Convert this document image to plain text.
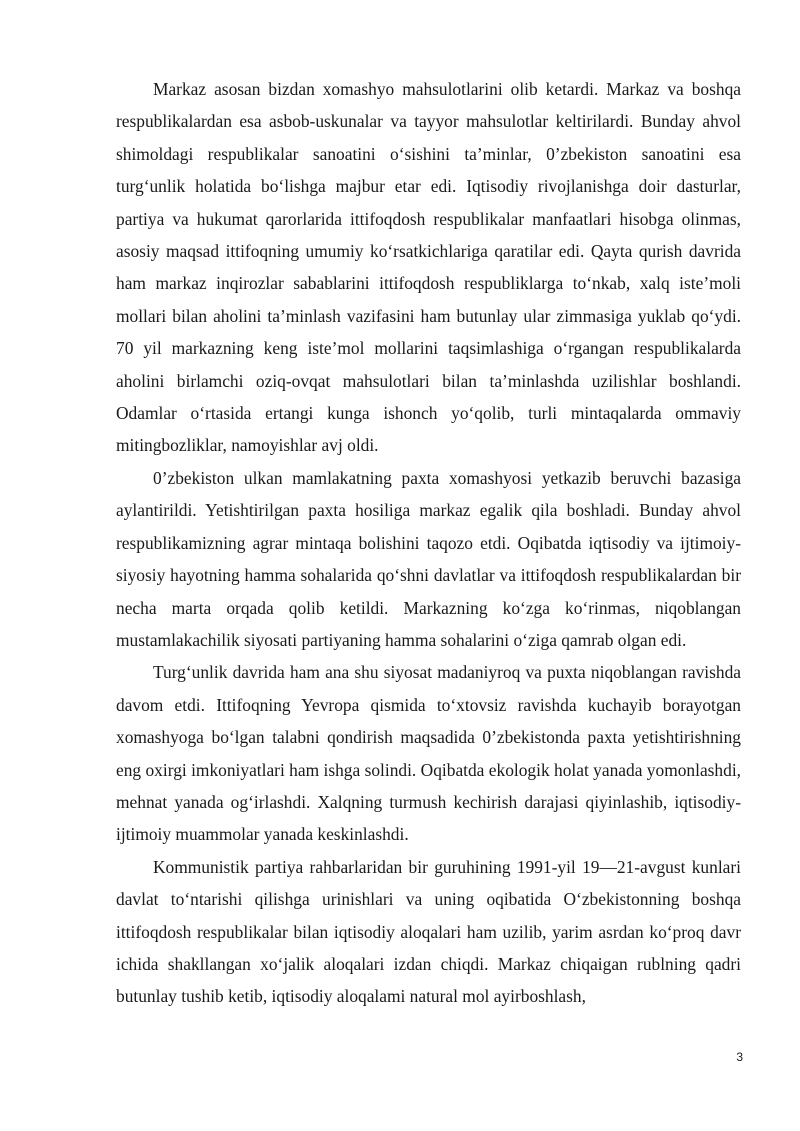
Markaz asosan bizdan xomashyo mahsulotlarini olib ketardi. Markaz va boshqa respublikalardan esa asbob-uskunalar va tayyor mahsulotlar keltirilardi. Bunday ahvol shimoldagi respublikalar sanoatini o‘sishini ta’minlar, 0’zbekiston sanoatini esa turg‘unlik holatida bo‘lishga majbur etar edi. Iqtisodiy rivojlanishga doir dasturlar, partiya va hukumat qarorlarida ittifoqdosh respublikalar manfaatlari hisobga olinmas, asosiy maqsad ittifoqning umumiy ko‘rsatkichlariga qaratilar edi. Qayta qurish davrida ham markaz inqirozlar sabablarini ittifoqdosh respubliklarga to‘nkab, xalq iste’moli mollari bilan aholini ta’minlash vazifasini ham butunlay ular zimmasiga yuklab qo‘ydi. 70 yil markazning keng iste’mol mollarini taqsimlashiga o‘rgangan respublikalarda aholini birlamchi oziq-ovqat mahsulotlari bilan ta’minlashda uzilishlar boshlandi. Odamlar o‘rtasida ertangi kunga ishonch yo‘qolib, turli mintaqalarda ommaviy mitingbozliklar, namoyishlar avj oldi.

0’zbekiston ulkan mamlakatning paxta xomashyosi yetkazib beruvchi bazasiga aylantirildi. Yetishtirilgan paxta hosiliga markaz egalik qila boshladi. Bunday ahvol respublikamizning agrar mintaqa bolishini taqozo etdi. Oqibatda iqtisodiy va ijtimoiy-siyosiy hayotning hamma sohalarida qo‘shni davlatlar va ittifoqdosh respublikalardan bir necha marta orqada qolib ketildi. Markazning ko‘zga ko‘rinmas, niqoblangan mustamlakachilik siyosati partiyaning hamma sohalarini o‘ziga qamrab olgan edi.

Turg‘unlik davrida ham ana shu siyosat madaniyroq va puxta niqoblangan ravishda davom etdi. Ittifoqning Yevropa qismida to‘xtovsiz ravishda kuchayib borayotgan xomashyoga bo‘lgan talabni qondirish maqsadida 0’zbekistonda paxta yetishtirishning eng oxirgi imkoniyatlari ham ishga solindi. Oqibatda ekologik holat yanada yomonlashdi, mehnat yanada og‘irlashdi. Xalqning turmush kechirish darajasi qiyinlashib, iqtisodiy-ijtimoiy muammolar yanada keskinlashdi.

Kommunistik partiya rahbarlaridan bir guruhining 1991-yil 19—21-avgust kunlari davlat to‘ntarishi qilishga urinishlari va uning oqibatida O‘zbekistonning boshqa ittifoqdosh respublikalar bilan iqtisodiy aloqalari ham uzilib, yarim asrdan ko‘proq davr ichida shakllangan xo‘jalik aloqalari izdan chiqdi. Markaz chiqaigan rublning qadri butunlay tushib ketib, iqtisodiy aloqalami natural mol ayirboshlash,

3
